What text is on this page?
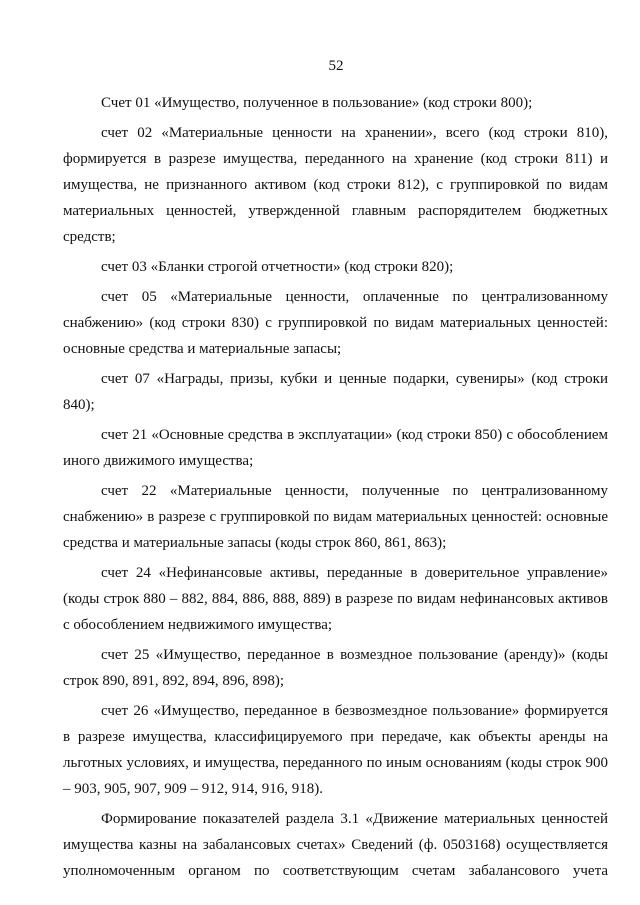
52

Счет 01 «Имущество, полученное в пользование» (код строки 800);

счет 02 «Материальные ценности на хранении», всего (код строки 810), формируется в разрезе имущества, переданного на хранение (код строки 811) и имущества, не признанного активом (код строки 812), с группировкой по видам материальных ценностей, утвержденной главным распорядителем бюджетных средств;

счет 03 «Бланки строгой отчетности» (код строки 820);

счет 05 «Материальные ценности, оплаченные по централизованному снабжению» (код строки 830) с группировкой по видам материальных ценностей: основные средства и материальные запасы;

счет 07 «Награды, призы, кубки и ценные подарки, сувениры» (код строки 840);

счет 21 «Основные средства в эксплуатации» (код строки 850) с обособлением иного движимого имущества;

счет 22 «Материальные ценности, полученные по централизованному снабжению» в разрезе с группировкой по видам материальных ценностей: основные средства и материальные запасы (коды строк 860, 861, 863);

счет 24 «Нефинансовые активы, переданные в доверительное управление» (коды строк 880 – 882, 884, 886, 888, 889) в разрезе по видам нефинансовых активов с обособлением недвижимого имущества;

счет 25 «Имущество, переданное в возмездное пользование (аренду)» (коды строк 890, 891, 892, 894, 896, 898);

счет 26 «Имущество, переданное в безвозмездное пользование» формируется в разрезе имущества, классифицируемого при передаче, как объекты аренды на льготных условиях, и имущества, переданного по иным основаниям (коды строк 900 – 903, 905, 907, 909 – 912, 914, 916, 918).

Формирование показателей раздела 3.1 «Движение материальных ценностей имущества казны на забалансовых счетах» Сведений (ф. 0503168) осуществляется уполномоченным органом по соответствующим счетам забалансового учета
